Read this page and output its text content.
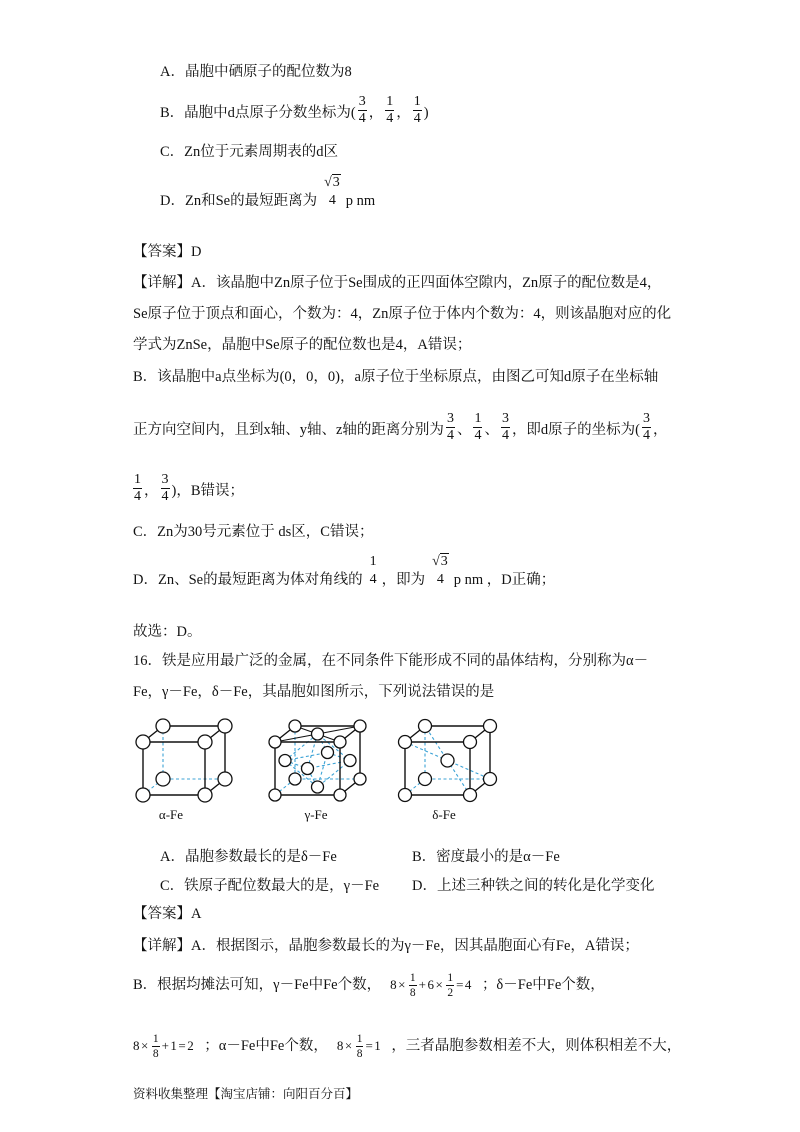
A．晶胞中硒原子的配位数为8
B．晶胞中d点原子分数坐标为( $\frac{3}{4}$ ， $\frac{1}{4}$ ， $\frac{1}{4}$ )
C．Zn位于元素周期表的d区
D．Zn和Se的最短距离为
√3
4 p nm
【答案】D
【详解】A．该晶胞中Zn原子位于Se围成的正四面体空隙内，Zn原子的配位数是4，
Se原子位于顶点和面心，个数为：4，Zn原子位于体内个数为：4，则该晶胞对应的化
学式为ZnSe，晶胞中Se原子的配位数也是4，A错误；
B．该晶胞中a点坐标为(0，0，0)，a原子位于坐标原点，由图乙可知d原子在坐标轴
正方向空间内，且到x轴、y轴、z轴的距离分别为 $\frac{3}{4}$ 、 $\frac{1}{4}$ 、 $\frac{3}{4}$ ，即d原子的坐标为( $\frac{3}{4}$ ，
$\frac{1}{4}$ ， $\frac{3}{4}$ )，B错误；
C．Zn为30号元素位于 ds区，C错误；
D．Zn、Se的最短距离为体对角线的
1
4 ，即为
√3
4 p nm ，D正确；
故选：D。
16．铁是应用最广泛的金属，在不同条件下能形成不同的晶体结构，分别称为α－
Fe，γ－Fe，δ－Fe，其晶胞如图所示，下列说法错误的是
α-Fe	γ-Fe	δ-Fe
A．晶胞参数最长的是δ－Fe	B．密度最小的是α－Fe
C．铁原子配位数最大的是，γ－Fe D．上述三种铁之间的转化是化学变化
【答案】A
【详解】A．根据图示，晶胞参数最长的为γ－Fe，因其晶胞面心有Fe，A错误；
B．根据均摊法可知，γ－Fe中Fe个数， $8\times \frac{1}{8} +6\times \frac{1}{2} =4$ ；δ－Fe中Fe个数，
$8\times \frac{1}{8} +1=2$ ；α－Fe中Fe个数， $8\times \frac{1}{8} =1$ ，三者晶胞参数相差不大，则体积相差不大，
资料收集整理【淘宝店铺：向阳百分百】
